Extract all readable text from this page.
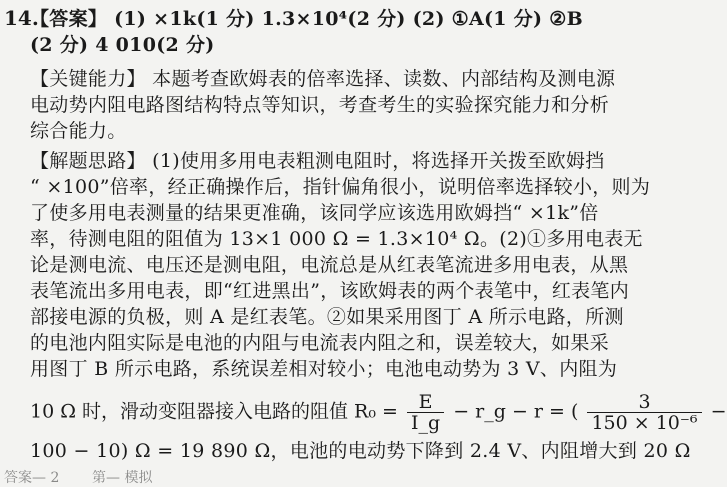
14.
【答案】 (1) ×1k(1 分) 1.3×10⁴(2 分) (2) ①A(1 分) ②B
(2 分) 4 010(2 分)
【关键能力】 本题考查欧姆表的倍率选择、读数、内部结构及测电源
电动势内阻电路图结构特点等知识，考查考生的实验探究能力和分析
综合能力。
【解题思路】 (1)使用多用电表粗测电阻时，将选择开关拨至欧姆挡
“ ×100”倍率，经正确操作后，指针偏角很小，说明倍率选择较小，则为
了使多用电表测量的结果更准确，该同学应该选用欧姆挡“ ×1k”倍
率，待测电阻的阻值为 13×1 000 Ω = 1.3×10⁴ Ω。(2)①多用电表无
论是测电流、电压还是测电阻，电流总是从红表笔流进多用电表，从黑
表笔流出多用电表，即“红进黑出”，该欧姆表的两个表笔中，红表笔内
部接电源的负极，则 A 是红表笔。②如果采用图丁 A 所示电路，所测
的电池内阻实际是电池的内阻与电流表内阻之和，误差较大，如果采
用图丁 B 所示电路，系统误差相对较小；电池电动势为 3 V、内阻为
10 Ω 时，滑动变阻器接入电路的阻值 $R_0 = \frac{E}{I\_g}$ − r_g − r = ( $\frac{3}{\text{150 × 10⁻⁶}}$ −
100 − 10) Ω = 19 890 Ω，电池的电动势下降到 2.4 V、内阻增大到 20 Ω
答案— 2 第— 模拟
